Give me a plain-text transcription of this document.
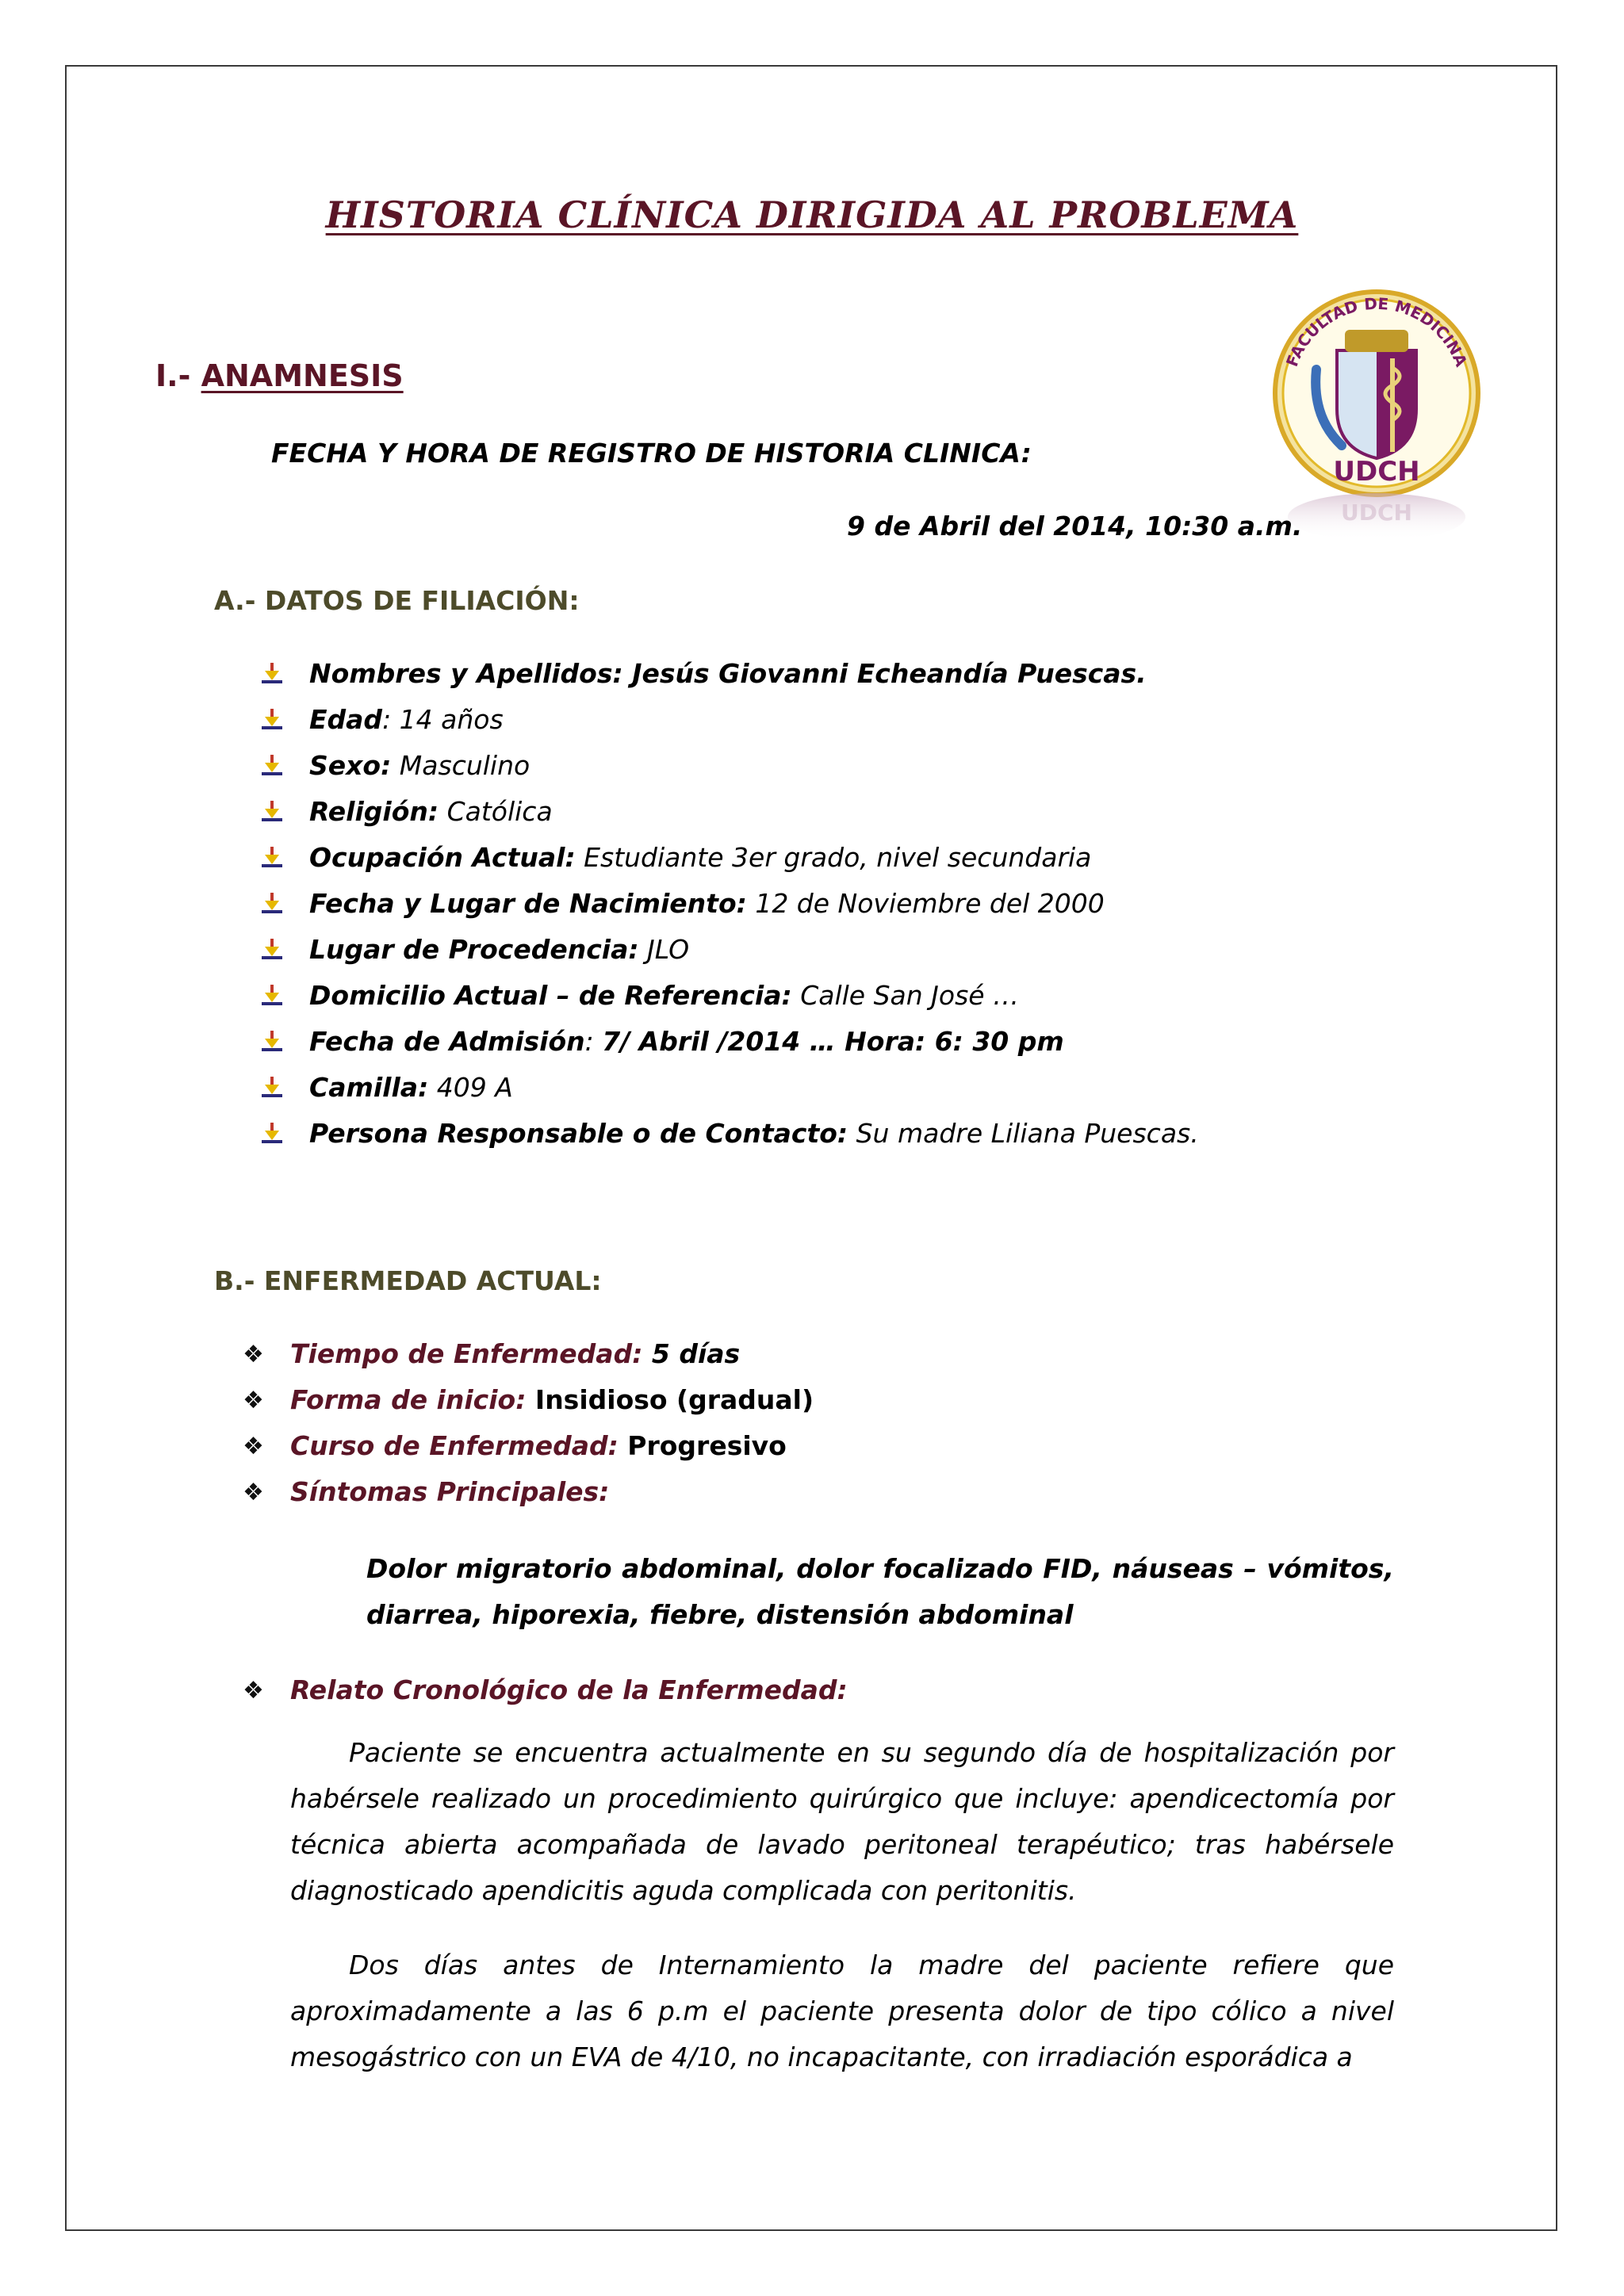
HISTORIA CLÍNICA DIRIGIDA AL PROBLEMA
FACULTAD DE MEDICINA
UDCH
UDCH
I.- ANAMNESIS
FECHA Y HORA DE REGISTRO DE HISTORIA CLINICA:
9 de Abril del 2014, 10:30 a.m.
A.- DATOS DE FILIACIÓN:
Nombres y Apellidos: Jesús Giovanni Echeandía Puescas.
Edad: 14 años
Sexo: Masculino
Religión: Católica
Ocupación Actual: Estudiante 3er grado, nivel secundaria
Fecha y Lugar de Nacimiento: 12 de Noviembre del 2000
Lugar de Procedencia: JLO
Domicilio Actual – de Referencia: Calle San José …
Fecha de Admisión: 7/ Abril /2014 … Hora: 6: 30 pm
Camilla: 409 A
Persona Responsable o de Contacto: Su madre Liliana Puescas.
B.- ENFERMEDAD ACTUAL:
❖ Tiempo de Enfermedad: 5 días
❖ Forma de inicio: Insidioso (gradual)
❖ Curso de Enfermedad: Progresivo
❖ Síntomas Principales:
❖ Relato Cronológico de la Enfermedad:

Dolor migratorio abdominal, dolor focalizado FID, náuseas – vómitos, diarrea, hiporexia, fiebre, distensión abdominal

Paciente se encuentra actualmente en su segundo día de hospitalización por habérsele realizado un procedimiento quirúrgico que incluye: apendicectomía por técnica abierta acompañada de lavado peritoneal terapéutico; tras habérsele diagnosticado apendicitis aguda complicada con peritonitis.

Dos días antes de Internamiento la madre del paciente refiere que aproximadamente a las 6 p.m el paciente presenta dolor de tipo cólico a nivel mesogástrico con un EVA de 4/10, no incapacitante, con irradiación esporádica a
